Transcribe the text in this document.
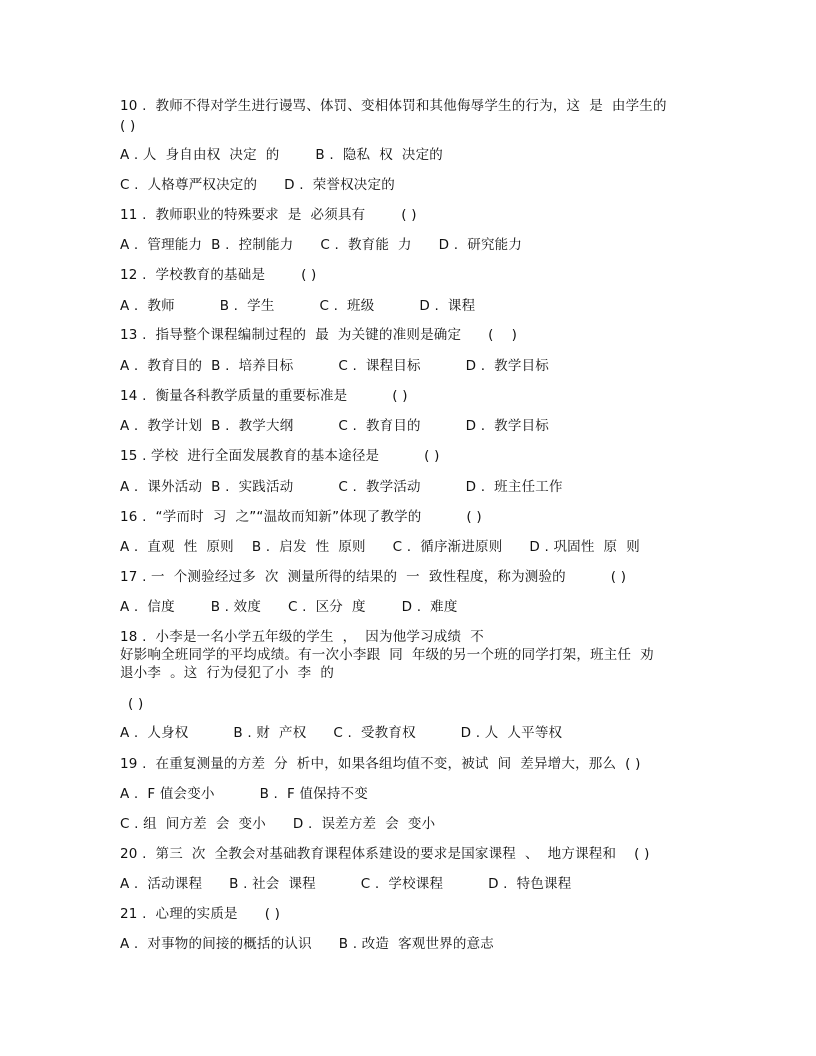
10 .  教师不得对学生进行谩骂、体罚、变相体罚和其他侮辱学生的行为，这  是  由学生的
( )
A . 人  身自由权  决定  的        B .  隐私  权  决定的
C .  人格尊严权决定的      D .  荣誉权决定的
11 .  教师职业的特殊要求  是  必须具有        ( )
A .  管理能力  B .  控制能力      C .  教育能  力      D .  研究能力
12 .  学校教育的基础是        ( )
A .  教师          B .  学生          C .  班级          D .  课程
13 .  指导整个课程编制过程的  最  为关键的准则是确定      (    )
A .  教育目的  B .  培养目标          C .  课程目标          D .  教学目标
14 .  衡量各科教学质量的重要标准是          ( )
A .  教学计划  B .  教学大纲          C .  教育目的          D .  教学目标
15 . 学校  进行全面发展教育的基本途径是          ( )
A .  课外活动  B .  实践活动          C .  教学活动          D .  班主任工作
16 .  “学而时  习  之”“温故而知新”体现了教学的          ( )
A .  直观  性  原则    B .  启发  性  原则      C .  循序渐进原则      D . 巩固性  原  则
17 . 一  个测验经过多  次  测量所得的结果的  一  致性程度，称为测验的          ( )
A .  信度        B . 效度      C .  区分  度        D .  难度
18 .  小李是一名小学五年级的学生  ，  因为他学习成绩  不
好影响全班同学的平均成绩。有一次小李跟  同  年级的另一个班的同学打架，班主任  劝
退小李  。这  行为侵犯了小  李  的
( )
A .  人身权          B . 财  产权      C .  受教育权          D . 人  人平等权
19 .  在重复测量的方差  分  析中，如果各组均值不变，被试  间  差异增大，那么  ( )
A .  F 值会变小          B .  F 值保持不变
C . 组  间方差  会  变小      D .  误差方差  会  变小
20 .  第三  次  全教会对基础教育课程体系建设的要求是国家课程  、  地方课程和    ( )
A .  活动课程      B . 社会  课程          C .  学校课程          D .  特色课程
21 .  心理的实质是      ( )
A .  对事物的间接的概括的认识      B . 改造  客观世界的意志
